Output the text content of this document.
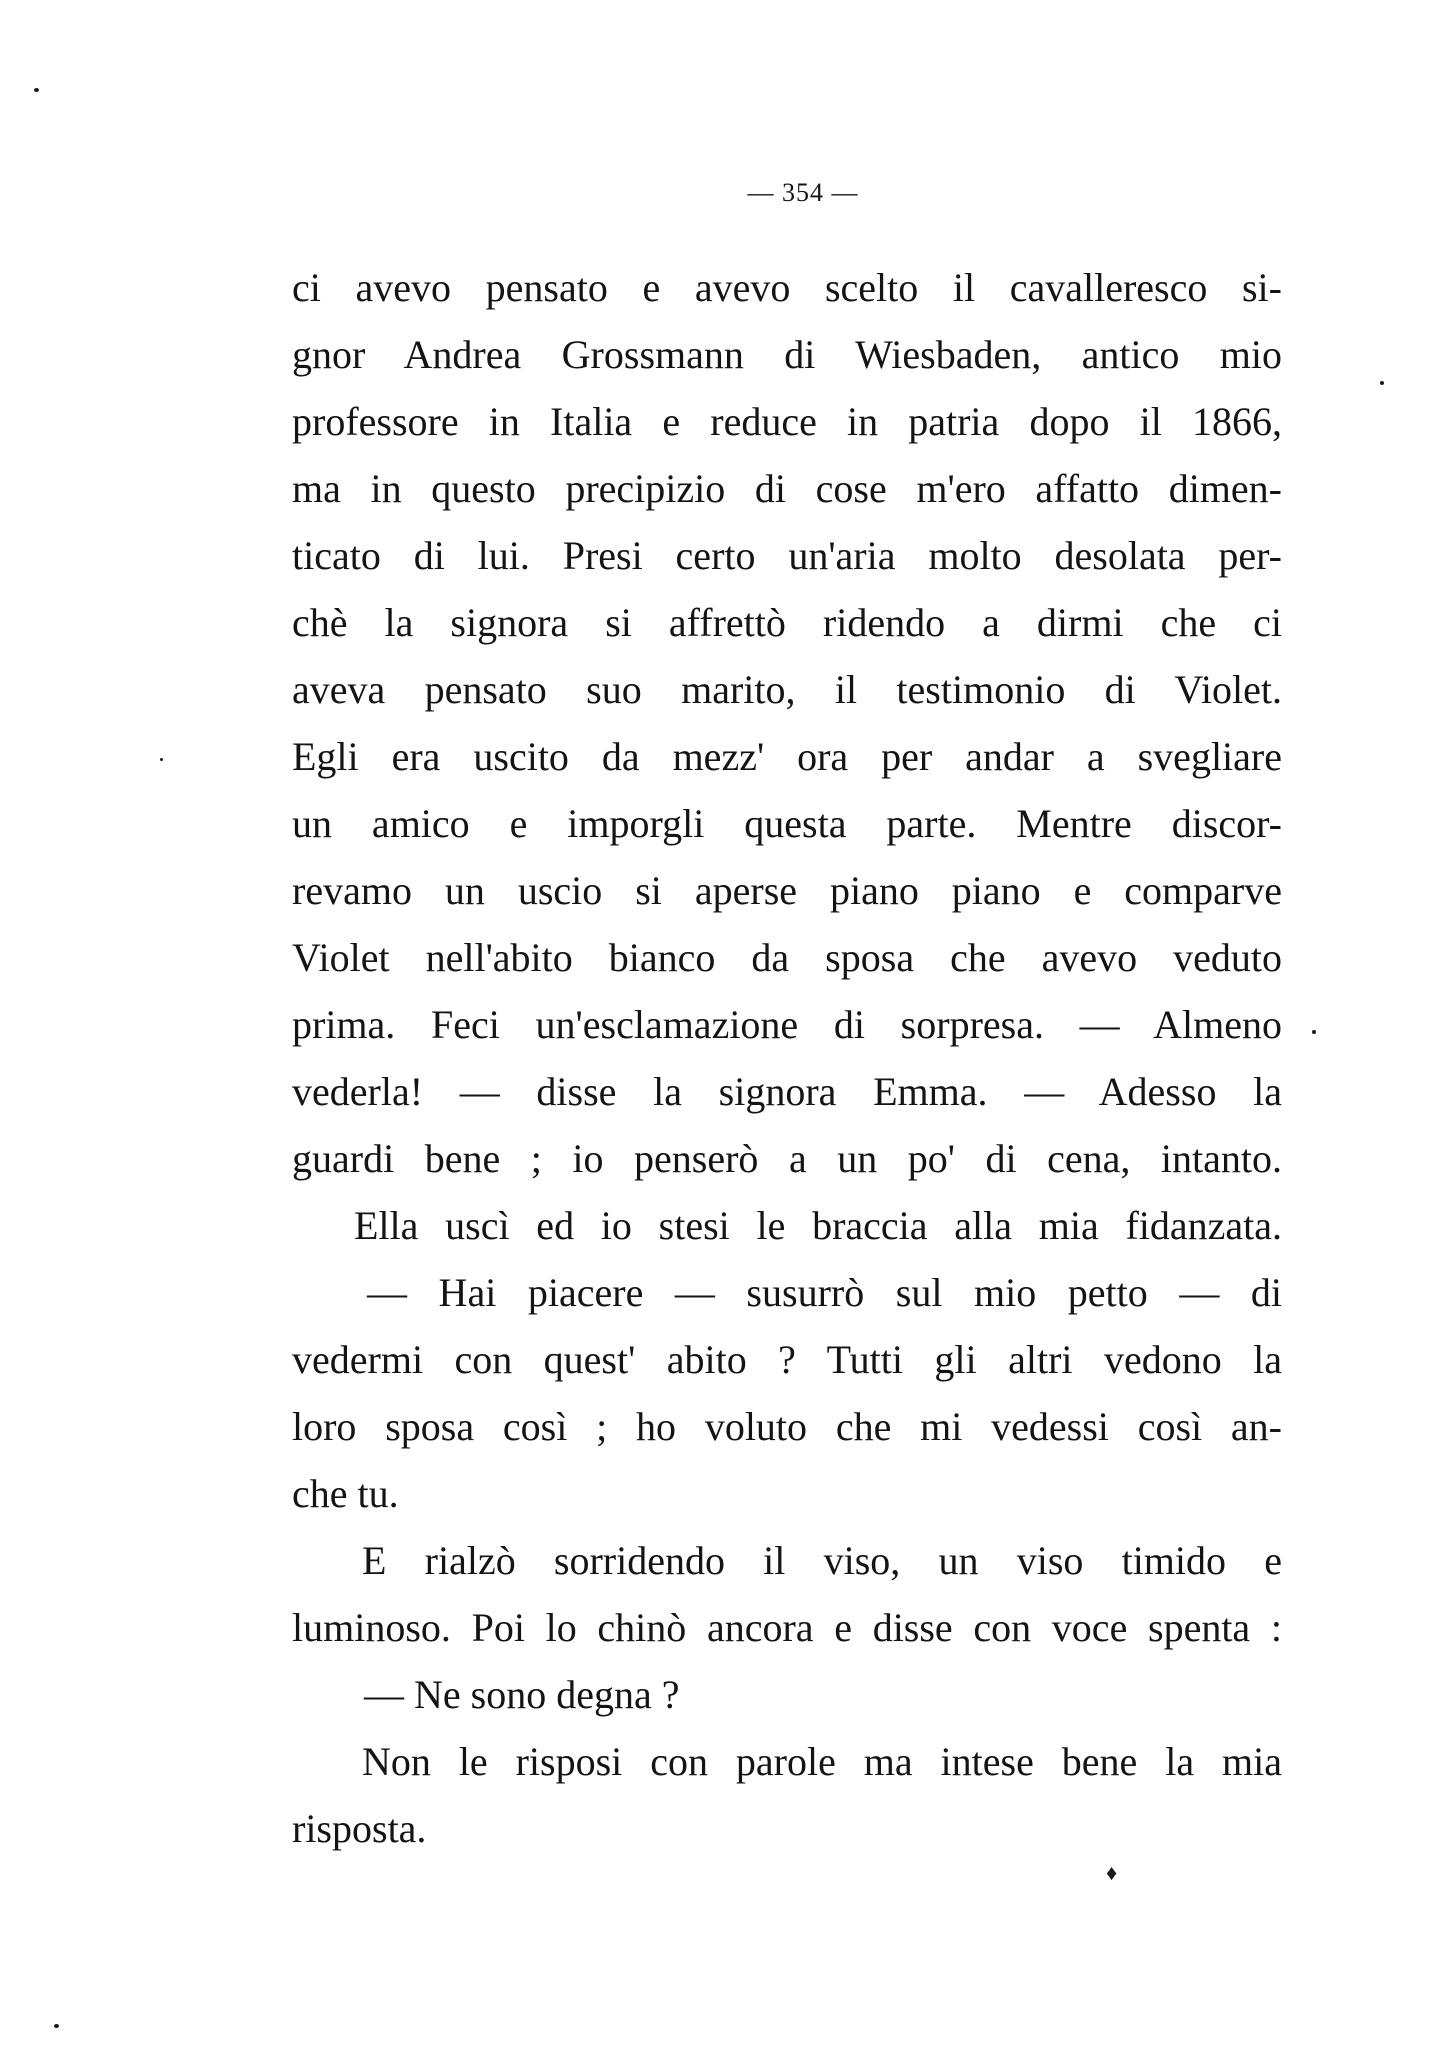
— 354 —
ci avevo pensato e avevo scelto il cavalleresco si-
gnor Andrea Grossmann di Wiesbaden, antico mio
professore in Italia e reduce in patria dopo il 1866,
ma in questo precipizio di cose m'ero affatto dimen-
ticato di lui. Presi certo un'aria molto desolata per-
chè la signora si affrettò ridendo a dirmi che ci
aveva pensato suo marito, il testimonio di Violet.
Egli era uscito da mezz' ora per andar a svegliare
un amico e imporgli questa parte. Mentre discor-
revamo un uscio si aperse piano piano e comparve
Violet nell'abito bianco da sposa che avevo veduto
prima. Feci un'esclamazione di sorpresa. — Almeno
vederla! — disse la signora Emma. — Adesso la
guardi bene ; io penserò a un po' di cena, intanto.
Ella uscì ed io stesi le braccia alla mia fidanzata.
— Hai piacere — susurrò sul mio petto — di
vedermi con quest' abito ? Tutti gli altri vedono la
loro sposa così ; ho voluto che mi vedessi così an-
che tu.
E rialzò sorridendo il viso, un viso timido e
luminoso. Poi lo chinò ancora e disse con voce spenta :
— Ne sono degna ?
Non le risposi con parole ma intese bene la mia
risposta.
♦
